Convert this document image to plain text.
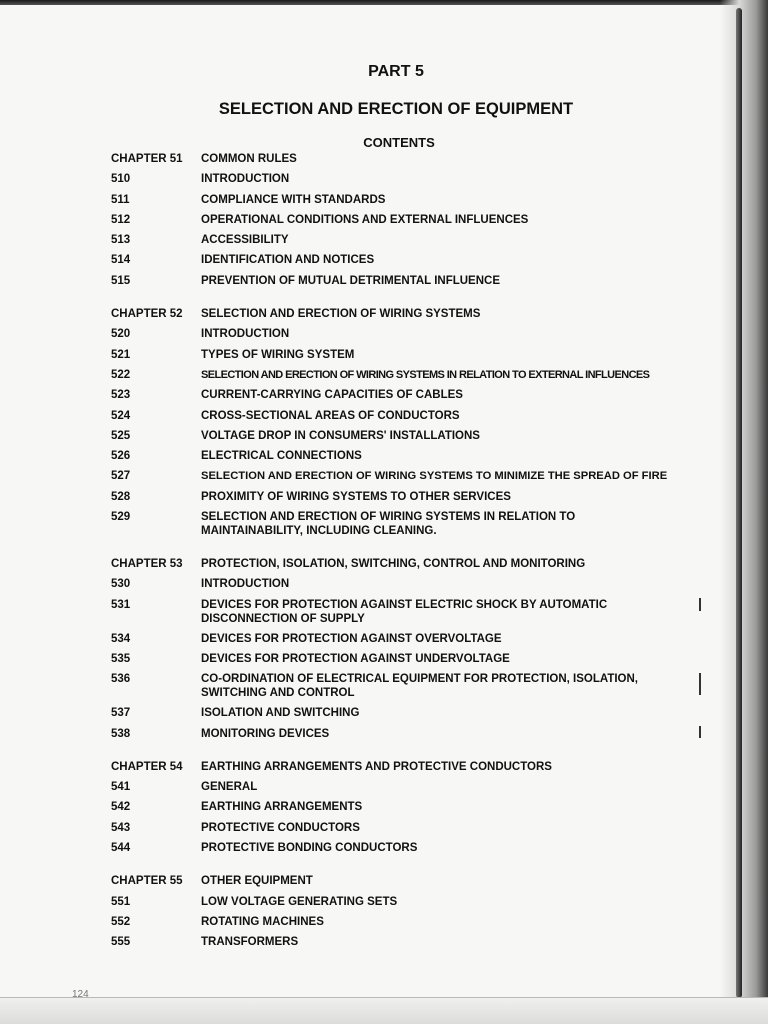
PART 5
SELECTION AND ERECTION OF EQUIPMENT
CONTENTS
CHAPTER 51	COMMON RULES
510	INTRODUCTION
511	COMPLIANCE WITH STANDARDS
512	OPERATIONAL CONDITIONS AND EXTERNAL INFLUENCES
513	ACCESSIBILITY
514	IDENTIFICATION AND NOTICES
515	PREVENTION OF MUTUAL DETRIMENTAL INFLUENCE
CHAPTER 52	SELECTION AND ERECTION OF WIRING SYSTEMS
520	INTRODUCTION
521	TYPES OF WIRING SYSTEM
522	SELECTION AND ERECTION OF WIRING SYSTEMS IN RELATION TO EXTERNAL INFLUENCES
523	CURRENT-CARRYING CAPACITIES OF CABLES
524	CROSS-SECTIONAL AREAS OF CONDUCTORS
525	VOLTAGE DROP IN CONSUMERS' INSTALLATIONS
526	ELECTRICAL CONNECTIONS
527	SELECTION AND ERECTION OF WIRING SYSTEMS TO MINIMIZE THE SPREAD OF FIRE
528	PROXIMITY OF WIRING SYSTEMS TO OTHER SERVICES
529	SELECTION AND ERECTION OF WIRING SYSTEMS IN RELATION TO MAINTAINABILITY, INCLUDING CLEANING.
CHAPTER 53	PROTECTION, ISOLATION, SWITCHING, CONTROL AND MONITORING
530	INTRODUCTION
531	DEVICES FOR PROTECTION AGAINST ELECTRIC SHOCK BY AUTOMATIC DISCONNECTION OF SUPPLY
534	DEVICES FOR PROTECTION AGAINST OVERVOLTAGE
535	DEVICES FOR PROTECTION AGAINST UNDERVOLTAGE
536	CO-ORDINATION OF ELECTRICAL EQUIPMENT FOR PROTECTION, ISOLATION, SWITCHING AND CONTROL
537	ISOLATION AND SWITCHING
538	MONITORING DEVICES
CHAPTER 54	EARTHING ARRANGEMENTS AND PROTECTIVE CONDUCTORS
541	GENERAL
542	EARTHING ARRANGEMENTS
543	PROTECTIVE CONDUCTORS
544	PROTECTIVE BONDING CONDUCTORS
CHAPTER 55	OTHER EQUIPMENT
551	LOW VOLTAGE GENERATING SETS
552	ROTATING MACHINES
555	TRANSFORMERS
124
